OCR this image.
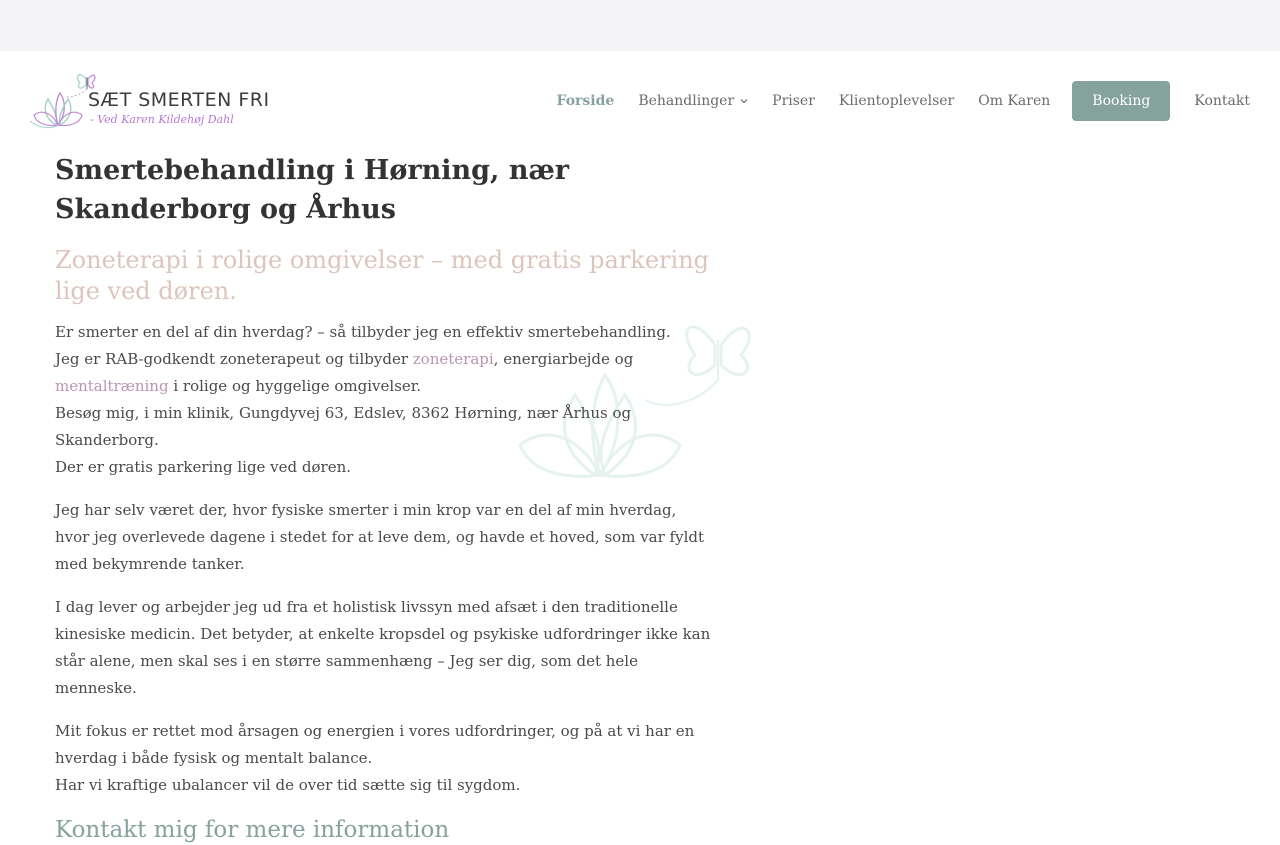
SÆT SMERTEN FRI
- Ved Karen Kildehøj Dahl
Forside Behandlinger	Priser Klientoplevelser Om Karen	Booking	Kontakt
Smertebehandling i Hørning, nær Skanderborg og Århus
Zoneterapi i rolige omgivelser – med gratis parkering lige ved døren.

Er smerter en del af din hverdag? – så tilbyder jeg en effektiv smertebehandling.
Jeg er RAB-godkendt zoneterapeut og tilbyder zoneterapi, energiarbejde og mentaltræning i rolige og hyggelige omgivelser.
Besøg mig, i min klinik, Gungdyvej 63, Edslev, 8362 Hørning, nær Århus og Skanderborg.
Der er gratis parkering lige ved døren.

Jeg har selv været der, hvor fysiske smerter i min krop var en del af min hverdag, hvor jeg overlevede dagene i stedet for at leve dem, og havde et hoved, som var fyldt med bekymrende tanker.

I dag lever og arbejder jeg ud fra et holistisk livssyn med afsæt i den traditionelle kinesiske medicin. Det betyder, at enkelte kropsdel og psykiske udfordringer ikke kan står alene, men skal ses i en større sammenhæng – Jeg ser dig, som det hele menneske.

Mit fokus er rettet mod årsagen og energien i vores udfordringer, og på at vi har en hverdag i både fysisk og mentalt balance.
Har vi kraftige ubalancer vil de over tid sætte sig til sygdom.

Kontakt mig for mere information
